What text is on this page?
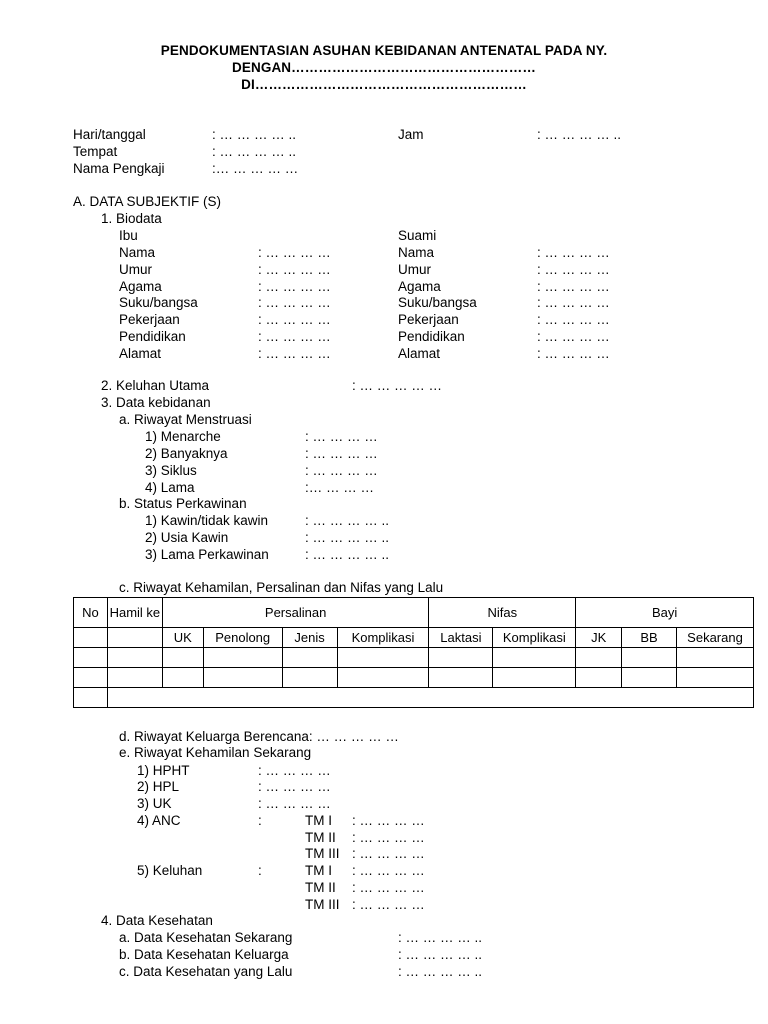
PENDOKUMENTASIAN ASUHAN KEBIDANAN ANTENATAL PADA NY.
DENGAN………………………………………………
DI……………………………………………………
Hari/tanggal	: … … … … ..	Jam	: … … … … ..
Tempat	: … … … … ..
Nama Pengkaji	:… … … … …
A. DATA SUBJEKTIF (S)
1. Biodata
Ibu	Suami
Nama	: … … … …	Nama	: … … … …
Umur	: … … … …	Umur	: … … … …
Agama	: … … … …	Agama	: … … … …
Suku/bangsa	: … … … …	Suku/bangsa	: … … … …
Pekerjaan	: … … … …	Pekerjaan	: … … … …
Pendidikan	: … … … …	Pendidikan	: … … … …
Alamat	: … … … …	Alamat	: … … … …
2. Keluhan Utama	: … … … … …
3. Data kebidanan
a. Riwayat Menstruasi
1) Menarche	: … … … …
2) Banyaknya	: … … … …
3) Siklus	: … … … …
4) Lama	:… … … …
b. Status Perkawinan
1) Kawin/tidak kawin	: … … … … ..
2) Usia Kawin	: … … … … ..
3) Lama Perkawinan	: … … … … ..
c. Riwayat Kehamilan, Persalinan dan Nifas yang Lalu
No	Hamil ke	Persalinan				Nifas		Bayi		
		UK	Penolong	Jenis	Komplikasi	Laktasi	Komplikasi	JK	BB	Sekarang

d. Riwayat Keluarga Berencana: … … … … …
e. Riwayat Kehamilan Sekarang
1) HPHT	: … … … …
2) HPL	: … … … …
3) UK	: … … … …
4) ANC	:	TM I : … … … …
TM II : … … … …
TM III : … … … …
5) Keluhan	:	TM I : … … … …
TM II : … … … …
TM III : … … … …
4. Data Kesehatan
a. Data Kesehatan Sekarang	: … … … … ..
b. Data Kesehatan Keluarga	: … … … … ..
c. Data Kesehatan yang Lalu	: … … … … ..
